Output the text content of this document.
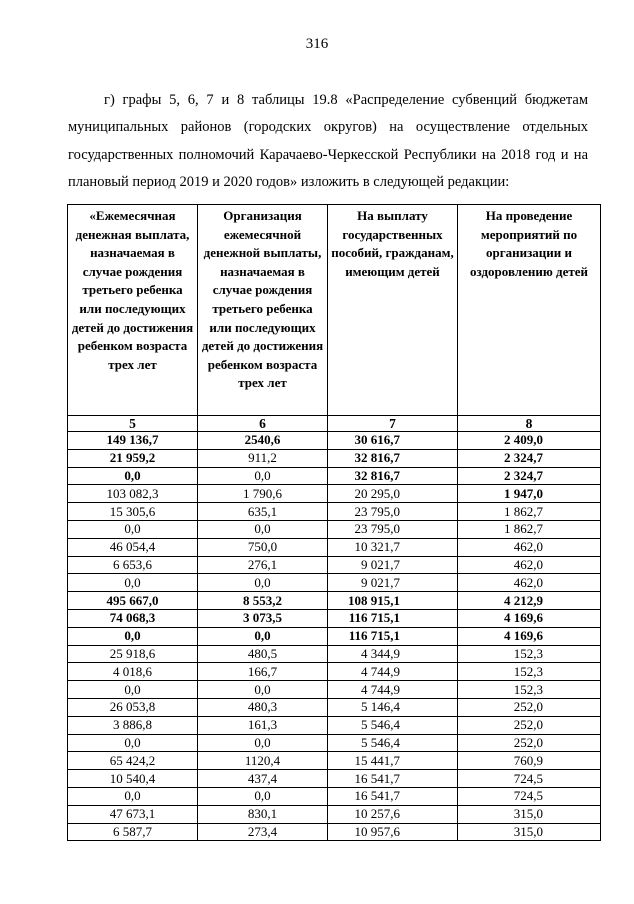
316

г) графы 5, 6, 7 и 8 таблицы 19.8 «Распределение субвенций бюджетам муниципальных районов (городских округов) на осуществление отдельных государственных полномочий Карачаево-Черкесской Республики на 2018 год и на плановый период 2019 и 2020 годов» изложить в следующей редакции:

«Ежемесячная денежная выплата, назначаемая в случае рождения третьего ребенка или последующих детей до достижения ребенком возраста трех лет	Организация ежемесячной денежной выплаты, назначаемая в случае рождения третьего ребенка или последующих детей до достижения ребенком возраста трех лет	На выплату государственных пособий, гражданам, имеющим детей	На проведение мероприятий по организации и оздоровлению детей
5	6	7	8
149 136,7	2540,6	30 616,7	2 409,0
21 959,2	911,2	32 816,7	2 324,7
0,0	0,0	32 816,7	2 324,7
103 082,3	1 790,6	20 295,0	1 947,0
15 305,6	635,1	23 795,0	1 862,7
0,0	0,0	23 795,0	1 862,7
46 054,4	750,0	10 321,7	462,0
6 653,6	276,1	9 021,7	462,0
0,0	0,0	9 021,7	462,0
495 667,0	8 553,2	108 915,1	4 212,9
74 068,3	3 073,5	116 715,1	4 169,6
0,0	0,0	116 715,1	4 169,6
25 918,6	480,5	4 344,9	152,3
4 018,6	166,7	4 744,9	152,3
0,0	0,0	4 744,9	152,3
26 053,8	480,3	5 146,4	252,0
3 886,8	161,3	5 546,4	252,0
0,0	0,0	5 546,4	252,0
65 424,2	1120,4	15 441,7	760,9
10 540,4	437,4	16 541,7	724,5
0,0	0,0	16 541,7	724,5
47 673,1	830,1	10 257,6	315,0
6 587,7	273,4	10 957,6	315,0
